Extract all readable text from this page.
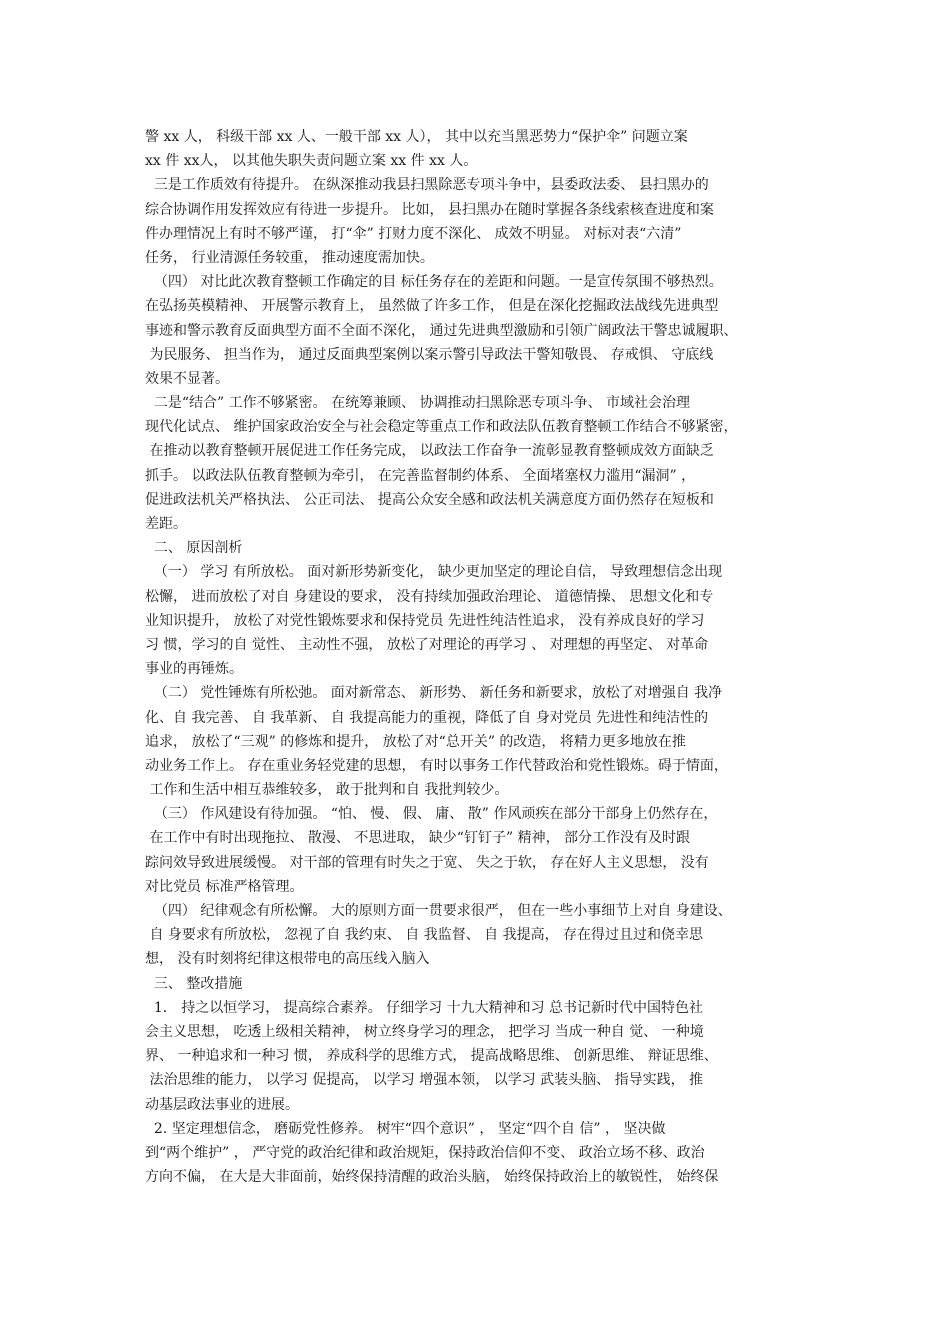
警 xx 人， 科级干部 xx 人、一般干部 xx 人）， 其中以充当黑恶势力“保护伞” 问题立案
xx 件 xx人， 以其他失职失责问题立案 xx 件 xx 人。
三是工作质效有待提升。 在纵深推动我县扫黑除恶专项斗争中，县委政法委、 县扫黑办的
综合协调作用发挥效应有待进一步提升。 比如， 县扫黑办在随时掌握各条线索核查进度和案
件办理情况上有时不够严谨， 打“伞” 打财力度不深化、 成效不明显。 对标对表“六清”
任务， 行业清源任务较重， 推动速度需加快。
（四） 对比此次教育整顿工作确定的目 标任务存在的差距和问题。一是宣传氛围不够热烈。
在弘扬英模精神、 开展警示教育上， 虽然做了许多工作， 但是在深化挖掘政法战线先进典型
事迹和警示教育反面典型方面不全面不深化， 通过先进典型激励和引领广阔政法干警忠诚履职、
为民服务、 担当作为， 通过反面典型案例以案示警引导政法干警知敬畏、 存戒惧、 守底线
效果不显著。
二是“结合” 工作不够紧密。 在统筹兼顾、 协调推动扫黑除恶专项斗争、 市域社会治理
现代化试点、 维护国家政治安全与社会稳定等重点工作和政法队伍教育整顿工作结合不够紧密，
在推动以教育整顿开展促进工作任务完成， 以政法工作奋争一流彰显教育整顿成效方面缺乏
抓手。 以政法队伍教育整顿为牵引， 在完善监督制约体系、 全面堵塞权力滥用“漏洞” ，
促进政法机关严格执法、 公正司法、 提高公众安全感和政法机关满意度方面仍然存在短板和
差距。
二、 原因剖析
（一） 学习 有所放松。 面对新形势新变化， 缺少更加坚定的理论自信， 导致理想信念出现
松懈， 进而放松了对自 身建设的要求， 没有持续加强政治理论、 道德情操、 思想文化和专
业知识提升， 放松了对党性锻炼要求和保持党员 先进性纯洁性追求， 没有养成良好的学习
习 惯，学习的自 觉性、 主动性不强， 放松了对理论的再学习 、 对理想的再坚定、 对革命
事业的再锤炼。
（二） 党性锤炼有所松弛。 面对新常态、 新形势、 新任务和新要求，放松了对增强自 我净
化、自 我完善、 自 我革新、 自 我提高能力的重视，降低了自 身对党员 先进性和纯洁性的
追求， 放松了“三观” 的修炼和提升， 放松了对“总开关” 的改造， 将精力更多地放在推
动业务工作上。 存在重业务轻党建的思想， 有时以事务工作代替政治和党性锻炼。碍于情面，
工作和生活中相互恭维较多， 敢于批判和自 我批判较少。
（三） 作风建设有待加强。 “怕、 慢、 假、 庸、 散” 作风顽疾在部分干部身上仍然存在，
在工作中有时出现拖拉、 散漫、 不思进取， 缺少“钉钉子” 精神， 部分工作没有及时跟
踪问效导致进展缓慢。 对干部的管理有时失之于宽、 失之于软， 存在好人主义思想， 没有
对比党员 标准严格管理。
（四） 纪律观念有所松懈。 大的原则方面一贯要求很严， 但在一些小事细节上对自 身建设、
自 身要求有所放松， 忽视了自 我约束、 自 我监督、 自 我提高， 存在得过且过和侥幸思
想， 没有时刻将纪律这根带电的高压线入脑入
三、 整改措施
1． 持之以恒学习， 提高综合素养。 仔细学习 十九大精神和习 总书记新时代中国特色社
会主义思想， 吃透上级相关精神， 树立终身学习的理念， 把学习 当成一种自 觉、 一种境
界、 一种追求和一种习 惯， 养成科学的思维方式， 提高战略思维、 创新思维、 辩证思维、
法治思维的能力， 以学习 促提高， 以学习 增强本领， 以学习 武装头脑、 指导实践， 推
动基层政法事业的进展。
2. 坚定理想信念， 磨砺党性修养。 树牢“四个意识” ， 坚定“四个自 信” ， 坚决做
到“两个维护” ， 严守党的政治纪律和政治规矩，保持政治信仰不变、 政治立场不移、政治
方向不偏， 在大是大非面前，始终保持清醒的政治头脑， 始终保持政治上的敏锐性， 始终保
